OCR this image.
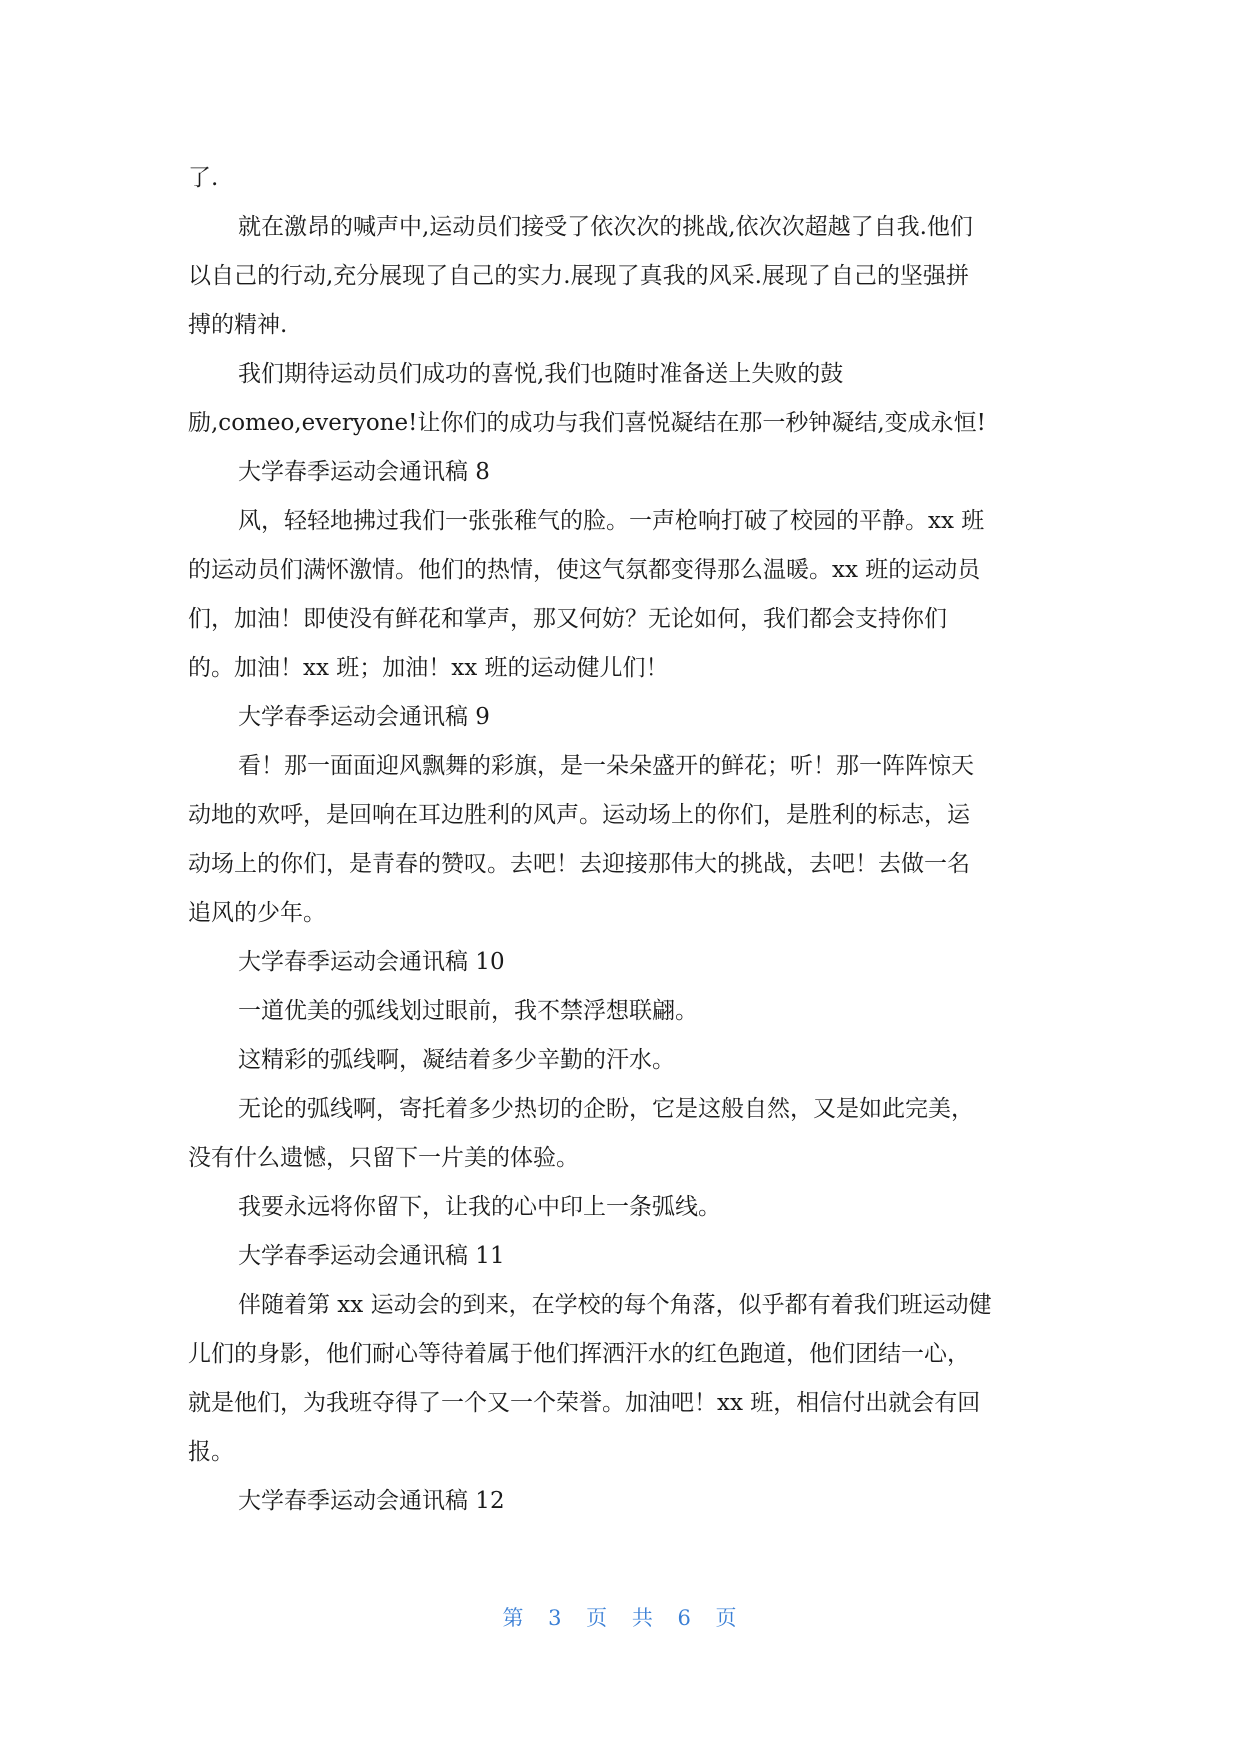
了.

就在激昂的喊声中,运动员们接受了依次次的挑战,依次次超越了自我.他们

以自己的行动,充分展现了自己的实力.展现了真我的风采.展现了自己的坚强拼

搏的精神.

我们期待运动员们成功的喜悦,我们也随时准备送上失败的鼓

励,comeo,everyone!让你们的成功与我们喜悦凝结在那一秒钟凝结,变成永恒!

大学春季运动会通讯稿 8

风，轻轻地拂过我们一张张稚气的脸。一声枪响打破了校园的平静。xx 班

的运动员们满怀激情。他们的热情，使这气氛都变得那么温暖。xx 班的运动员

们，加油！即使没有鲜花和掌声，那又何妨？无论如何，我们都会支持你们

的。加油！xx 班；加油！xx 班的运动健儿们！

大学春季运动会通讯稿 9

看！那一面面迎风飘舞的彩旗，是一朵朵盛开的鲜花；听！那一阵阵惊天

动地的欢呼，是回响在耳边胜利的风声。运动场上的你们，是胜利的标志，运

动场上的你们，是青春的赞叹。去吧！去迎接那伟大的挑战，去吧！去做一名

追风的少年。

大学春季运动会通讯稿 10

一道优美的弧线划过眼前，我不禁浮想联翩。

这精彩的弧线啊，凝结着多少辛勤的汗水。

无论的弧线啊，寄托着多少热切的企盼，它是这般自然，又是如此完美，

没有什么遗憾，只留下一片美的体验。

我要永远将你留下，让我的心中印上一条弧线。

大学春季运动会通讯稿 11

伴随着第 xx 运动会的到来，在学校的每个角落，似乎都有着我们班运动健

儿们的身影，他们耐心等待着属于他们挥洒汗水的红色跑道，他们团结一心，

就是他们，为我班夺得了一个又一个荣誉。加油吧！xx 班，相信付出就会有回

报。

大学春季运动会通讯稿 12

第 3 页 共 6 页
